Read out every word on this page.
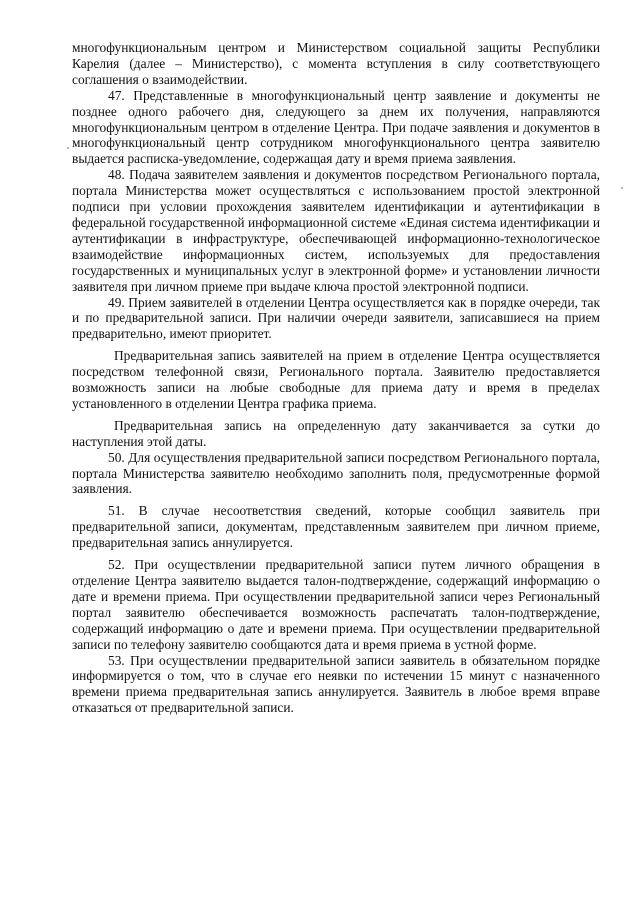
многофункциональным центром и Министерством социальной защиты Республики Карелия (далее – Министерство), с момента вступления в силу соответствующего соглашения о взаимодействии.

47. Представленные в многофункциональный центр заявление и документы не позднее одного рабочего дня, следующего за днем их получения, направляются многофункциональным центром в отделение Центра. При подаче заявления и документов в многофункциональный центр сотрудником многофункционального центра заявителю выдается расписка-уведомление, содержащая дату и время приема заявления.

48. Подача заявителем заявления и документов посредством Регионального портала, портала Министерства может осуществляться с использованием простой электронной подписи при условии прохождения заявителем идентификации и аутентификации в федеральной государственной информационной системе «Единая система идентификации и аутентификации в инфраструктуре, обеспечивающей информационно-технологическое взаимодействие информационных систем, используемых для предоставления государственных и муниципальных услуг в электронной форме» и установлении личности заявителя при личном приеме при выдаче ключа простой электронной подписи.

49. Прием заявителей в отделении Центра осуществляется как в порядке очереди, так и по предварительной записи. При наличии очереди заявители, записавшиеся на прием предварительно, имеют приоритет.

Предварительная запись заявителей на прием в отделение Центра осуществляется посредством телефонной связи, Регионального портала. Заявителю предоставляется возможность записи на любые свободные для приема дату и время в пределах установленного в отделении Центра графика приема.

Предварительная запись на определенную дату заканчивается за сутки до наступления этой даты.

50. Для осуществления предварительной записи посредством Регионального портала, портала Министерства заявителю необходимо заполнить поля, предусмотренные формой заявления.

51. В случае несоответствия сведений, которые сообщил заявитель при предварительной записи, документам, представленным заявителем при личном приеме, предварительная запись аннулируется.

52. При осуществлении предварительной записи путем личного обращения в отделение Центра заявителю выдается талон-подтверждение, содержащий информацию о дате и времени приема. При осуществлении предварительной записи через Региональный портал заявителю обеспечивается возможность распечатать талон-подтверждение, содержащий информацию о дате и времени приема. При осуществлении предварительной записи по телефону заявителю сообщаются дата и время приема в устной форме.

53. При осуществлении предварительной записи заявитель в обязательном порядке информируется о том, что в случае его неявки по истечении 15 минут с назначенного времени приема предварительная запись аннулируется. Заявитель в любое время вправе отказаться от предварительной записи.
